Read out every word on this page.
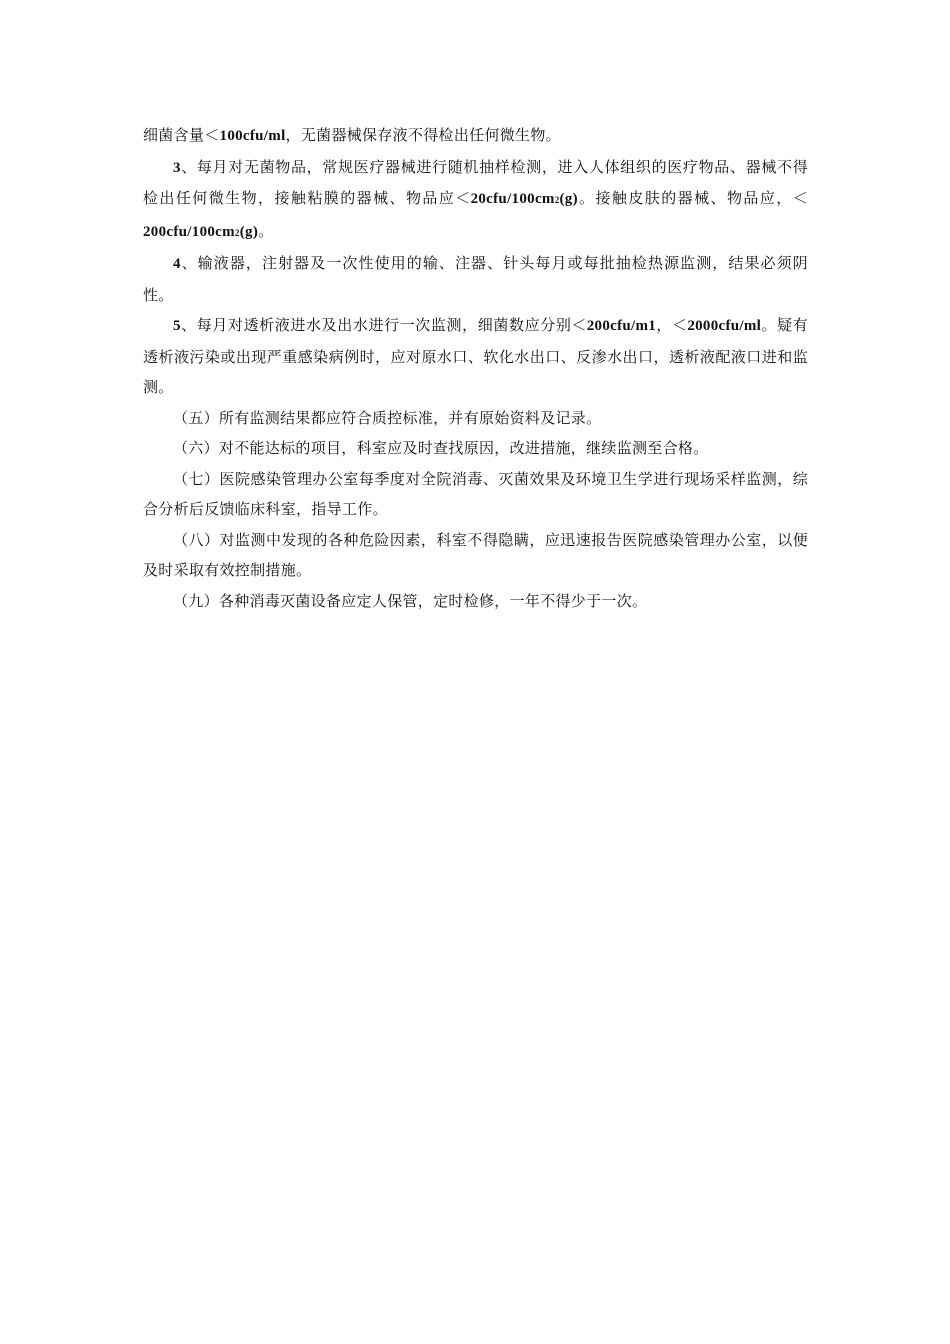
细菌含量＜100cfu/ml，无菌器械保存液不得检出任何微生物。

3、每月对无菌物品，常规医疗器械进行随机抽样检测，进入人体组织的医疗物品、器械不得检出任何微生物，接触粘膜的器械、物品应＜20cfu/100cm2(g)。接触皮肤的器械、物品应，＜200cfu/100cm2(g)。

4、输液器，注射器及一次性使用的输、注器、针头每月或每批抽检热源监测，结果必须阴性。

5、每月对透析液进水及出水进行一次监测，细菌数应分别＜200cfu/m1，＜2000cfu/ml。疑有透析液污染或出现严重感染病例时，应对原水口、软化水出口、反渗水出口，透析液配液口进和监测。

（五）所有监测结果都应符合质控标准，并有原始资料及记录。

（六）对不能达标的项目，科室应及时查找原因，改进措施，继续监测至合格。

（七）医院感染管理办公室每季度对全院消毒、灭菌效果及环境卫生学进行现场采样监测，综合分析后反馈临床科室，指导工作。

（八）对监测中发现的各种危险因素，科室不得隐瞒，应迅速报告医院感染管理办公室，以便及时采取有效控制措施。

（九）各种消毒灭菌设备应定人保管，定时检修，一年不得少于一次。
